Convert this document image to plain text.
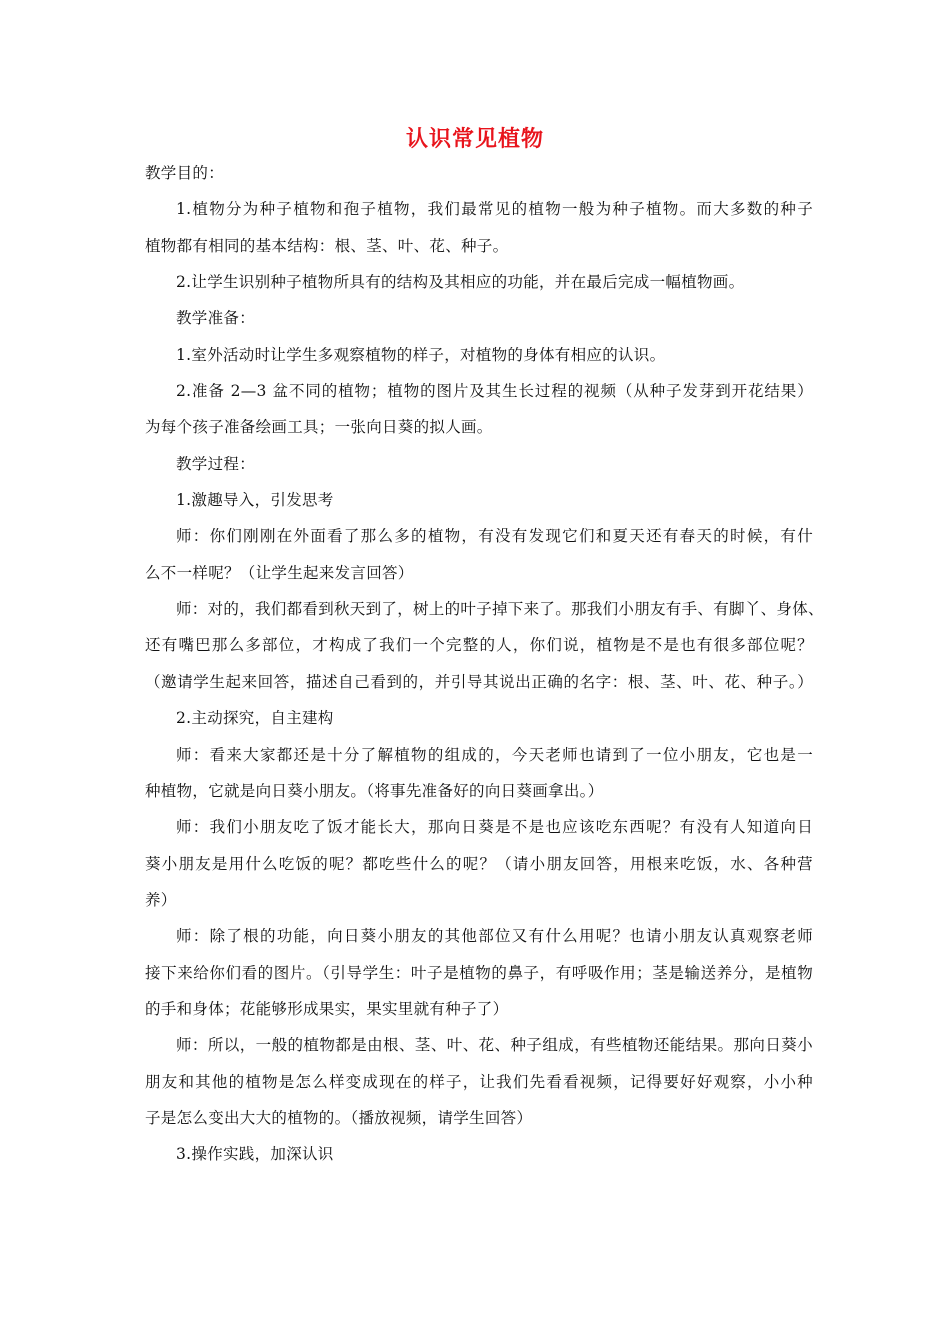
认识常见植物
教学目的：
1.植物分为种子植物和孢子植物，我们最常见的植物一般为种子植物。而大多数的种子
植物都有相同的基本结构：根、茎、叶、花、种子。
2.让学生识别种子植物所具有的结构及其相应的功能，并在最后完成一幅植物画。
教学准备：
1.室外活动时让学生多观察植物的样子，对植物的身体有相应的认识。
2.准备 2—3 盆不同的植物；植物的图片及其生长过程的视频（从种子发芽到开花结果）
为每个孩子准备绘画工具；一张向日葵的拟人画。
教学过程：
1.激趣导入，引发思考
师：你们刚刚在外面看了那么多的植物，有没有发现它们和夏天还有春天的时候，有什
么不一样呢？（让学生起来发言回答）
师：对的，我们都看到秋天到了，树上的叶子掉下来了。那我们小朋友有手、有脚丫、身体、
还有嘴巴那么多部位，才构成了我们一个完整的人，你们说，植物是不是也有很多部位呢？
（邀请学生起来回答，描述自己看到的，并引导其说出正确的名字：根、茎、叶、花、种子。）
2.主动探究，自主建构
师：看来大家都还是十分了解植物的组成的，今天老师也请到了一位小朋友，它也是一
种植物，它就是向日葵小朋友。（将事先准备好的向日葵画拿出。）
师：我们小朋友吃了饭才能长大，那向日葵是不是也应该吃东西呢？有没有人知道向日
葵小朋友是用什么吃饭的呢？都吃些什么的呢？（请小朋友回答，用根来吃饭，水、各种营
养）
师：除了根的功能，向日葵小朋友的其他部位又有什么用呢？也请小朋友认真观察老师
接下来给你们看的图片。（引导学生：叶子是植物的鼻子，有呼吸作用；茎是输送养分，是植物
的手和身体；花能够形成果实，果实里就有种子了）
师：所以，一般的植物都是由根、茎、叶、花、种子组成，有些植物还能结果。那向日葵小
朋友和其他的植物是怎么样变成现在的样子，让我们先看看视频，记得要好好观察，小小种
子是怎么变出大大的植物的。（播放视频，请学生回答）
3.操作实践，加深认识
